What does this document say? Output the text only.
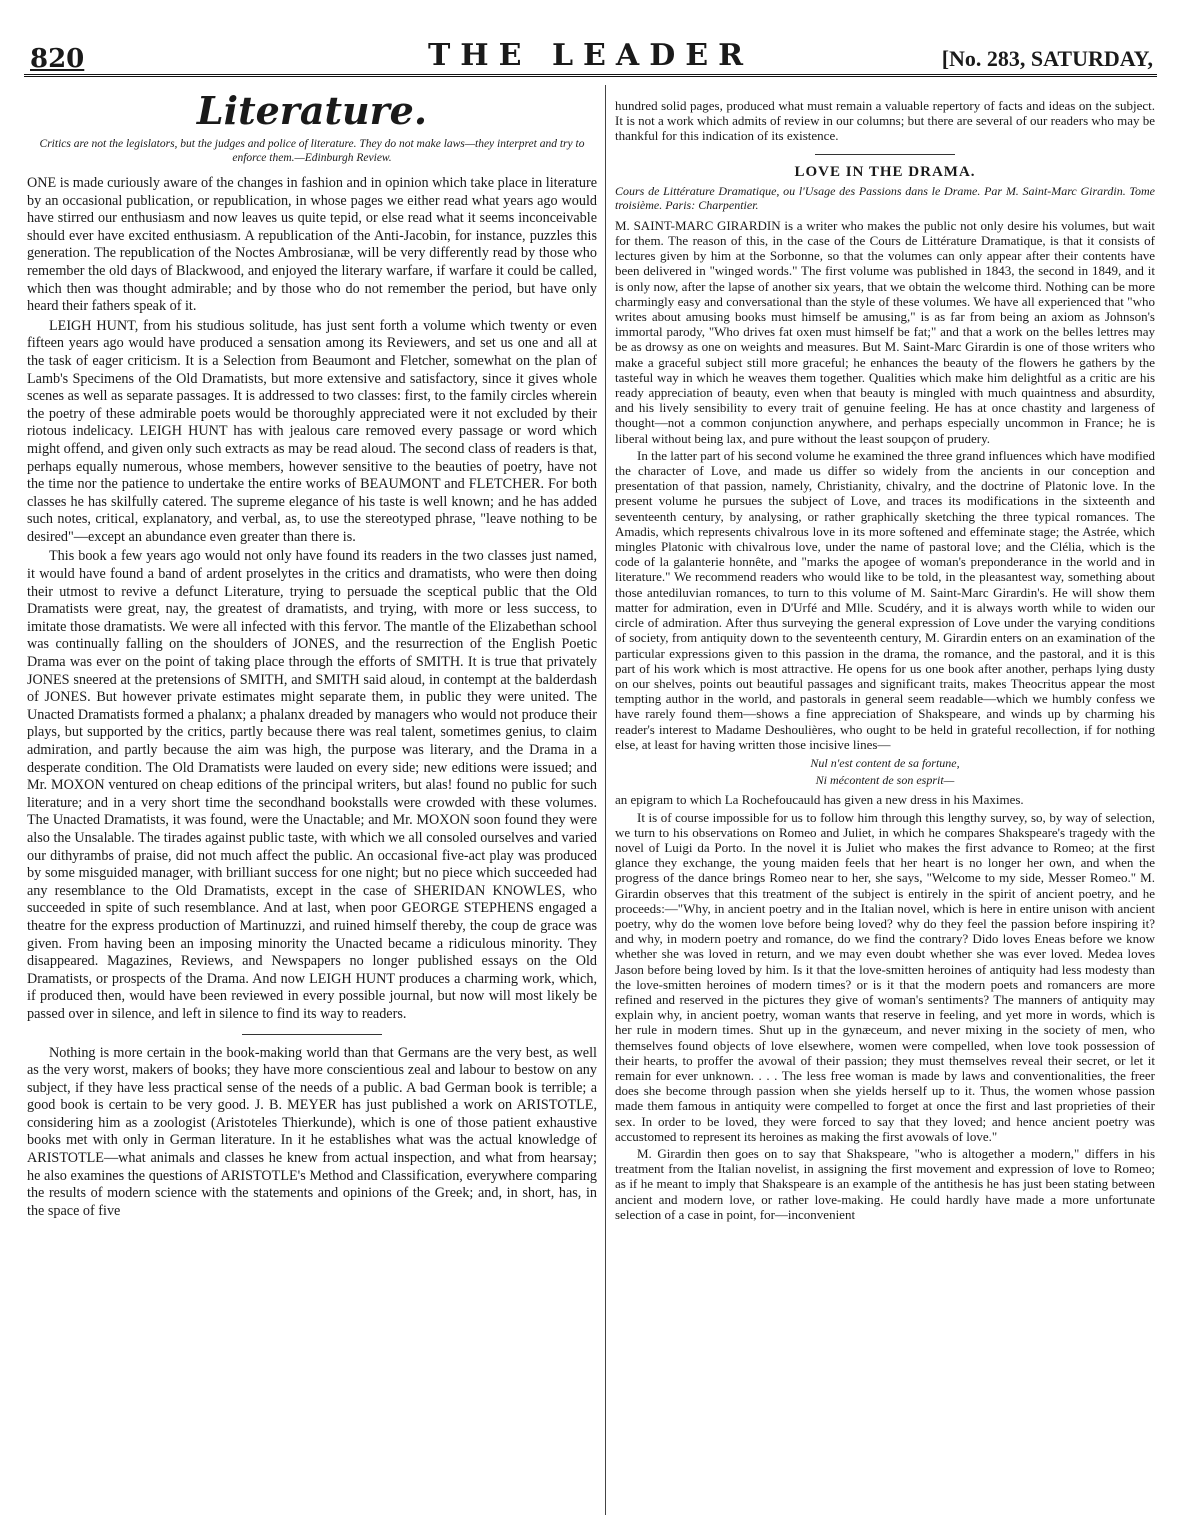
820	THE LEADER	[No. 283, SATURDAY,
Literature.
Critics are not the legislators, but the judges and police of literature. They do not make laws—they interpret and try to enforce them.—Edinburgh Review.

ONE is made curiously aware of the changes in fashion and in opinion which take place in literature by an occasional publication, or republication, in whose pages we either read what years ago would have stirred our enthusiasm and now leaves us quite tepid, or else read what it seems inconceivable should ever have excited enthusiasm. A republication of the Anti-Jacobin, for instance, puzzles this generation. The republication of the Noctes Ambrosianæ, will be very differently read by those who remember the old days of Blackwood, and enjoyed the literary warfare, if warfare it could be called, which then was thought admirable; and by those who do not remember the period, but have only heard their fathers speak of it.

LEIGH HUNT, from his studious solitude, has just sent forth a volume which twenty or even fifteen years ago would have produced a sensation among its Reviewers, and set us one and all at the task of eager criticism. It is a Selection from Beaumont and Fletcher, somewhat on the plan of Lamb's Specimens of the Old Dramatists, but more extensive and satisfactory, since it gives whole scenes as well as separate passages. It is addressed to two classes: first, to the family circles wherein the poetry of these admirable poets would be thoroughly appreciated were it not excluded by their riotous indelicacy. LEIGH HUNT has with jealous care removed every passage or word which might offend, and given only such extracts as may be read aloud. The second class of readers is that, perhaps equally numerous, whose members, however sensitive to the beauties of poetry, have not the time nor the patience to undertake the entire works of BEAUMONT and FLETCHER. For both classes he has skilfully catered. The supreme elegance of his taste is well known; and he has added such notes, critical, explanatory, and verbal, as, to use the stereotyped phrase, "leave nothing to be desired"—except an abundance even greater than there is.

This book a few years ago would not only have found its readers in the two classes just named, it would have found a band of ardent proselytes in the critics and dramatists, who were then doing their utmost to revive a defunct Literature, trying to persuade the sceptical public that the Old Dramatists were great, nay, the greatest of dramatists, and trying, with more or less success, to imitate those dramatists. We were all infected with this fervor. The mantle of the Elizabethan school was continually falling on the shoulders of JONES, and the resurrection of the English Poetic Drama was ever on the point of taking place through the efforts of SMITH. It is true that privately JONES sneered at the pretensions of SMITH, and SMITH said aloud, in contempt at the balderdash of JONES. But however private estimates might separate them, in public they were united. The Unacted Dramatists formed a phalanx; a phalanx dreaded by managers who would not produce their plays, but supported by the critics, partly because there was real talent, sometimes genius, to claim admiration, and partly because the aim was high, the purpose was literary, and the Drama in a desperate condition. The Old Dramatists were lauded on every side; new editions were issued; and Mr. MOXON ventured on cheap editions of the principal writers, but alas! found no public for such literature; and in a very short time the secondhand bookstalls were crowded with these volumes. The Unacted Dramatists, it was found, were the Unactable; and Mr. MOXON soon found they were also the Unsalable. The tirades against public taste, with which we all consoled ourselves and varied our dithyrambs of praise, did not much affect the public. An occasional five-act play was produced by some misguided manager, with brilliant success for one night; but no piece which succeeded had any resemblance to the Old Dramatists, except in the case of SHERIDAN KNOWLES, who succeeded in spite of such resemblance. And at last, when poor GEORGE STEPHENS engaged a theatre for the express production of Martinuzzi, and ruined himself thereby, the coup de grace was given. From having been an imposing minority the Unacted became a ridiculous minority. They disappeared. Magazines, Reviews, and Newspapers no longer published essays on the Old Dramatists, or prospects of the Drama. And now LEIGH HUNT produces a charming work, which, if produced then, would have been reviewed in every possible journal, but now will most likely be passed over in silence, and left in silence to find its way to readers.

Nothing is more certain in the book-making world than that Germans are the very best, as well as the very worst, makers of books; they have more conscientious zeal and labour to bestow on any subject, if they have less practical sense of the needs of a public. A bad German book is terrible; a good book is certain to be very good. J. B. MEYER has just published a work on ARISTOTLE, considering him as a zoologist (Aristoteles Thierkunde), which is one of those patient exhaustive books met with only in German literature. In it he establishes what was the actual knowledge of ARISTOTLE—what animals and classes he knew from actual inspection, and what from hearsay; he also examines the questions of ARISTOTLE's Method and Classification, everywhere comparing the results of modern science with the statements and opinions of the Greek; and, in short, has, in the space of five

hundred solid pages, produced what must remain a valuable repertory of facts and ideas on the subject. It is not a work which admits of review in our columns; but there are several of our readers who may be thankful for this indication of its existence.

LOVE IN THE DRAMA.
Cours de Littérature Dramatique, ou l'Usage des Passions dans le Drame. Par M. Saint-Marc Girardin. Tome troisième. Paris: Charpentier.

M. SAINT-MARC GIRARDIN is a writer who makes the public not only desire his volumes, but wait for them. The reason of this, in the case of the Cours de Littérature Dramatique, is that it consists of lectures given by him at the Sorbonne, so that the volumes can only appear after their contents have been delivered in "winged words." The first volume was published in 1843, the second in 1849, and it is only now, after the lapse of another six years, that we obtain the welcome third. Nothing can be more charmingly easy and conversational than the style of these volumes. We have all experienced that "who writes about amusing books must himself be amusing," is as far from being an axiom as Johnson's immortal parody, "Who drives fat oxen must himself be fat;" and that a work on the belles lettres may be as drowsy as one on weights and measures. But M. Saint-Marc Girardin is one of those writers who make a graceful subject still more graceful; he enhances the beauty of the flowers he gathers by the tasteful way in which he weaves them together. Qualities which make him delightful as a critic are his ready appreciation of beauty, even when that beauty is mingled with much quaintness and absurdity, and his lively sensibility to every trait of genuine feeling. He has at once chastity and largeness of thought—not a common conjunction anywhere, and perhaps especially uncommon in France; he is liberal without being lax, and pure without the least soupçon of prudery.

In the latter part of his second volume he examined the three grand influences which have modified the character of Love, and made us differ so widely from the ancients in our conception and presentation of that passion, namely, Christianity, chivalry, and the doctrine of Platonic love. In the present volume he pursues the subject of Love, and traces its modifications in the sixteenth and seventeenth century, by analysing, or rather graphically sketching the three typical romances. The Amadis, which represents chivalrous love in its more softened and effeminate stage; the Astrée, which mingles Platonic with chivalrous love, under the name of pastoral love; and the Clélia, which is the code of la galanterie honnête, and "marks the apogee of woman's preponderance in the world and in literature." We recommend readers who would like to be told, in the pleasantest way, something about those antediluvian romances, to turn to this volume of M. Saint-Marc Girardin's. He will show them matter for admiration, even in D'Urfé and Mlle. Scudéry, and it is always worth while to widen our circle of admiration. After thus surveying the general expression of Love under the varying conditions of society, from antiquity down to the seventeenth century, M. Girardin enters on an examination of the particular expressions given to this passion in the drama, the romance, and the pastoral, and it is this part of his work which is most attractive. He opens for us one book after another, perhaps lying dusty on our shelves, points out beautiful passages and significant traits, makes Theocritus appear the most tempting author in the world, and pastorals in general seem readable—which we humbly confess we have rarely found them—shows a fine appreciation of Shakspeare, and winds up by charming his reader's interest to Madame Deshoulières, who ought to be held in grateful recollection, if for nothing else, at least for having written those incisive lines—

Nul n'est content de sa fortune,
Ni mécontent de son esprit—

an epigram to which La Rochefoucauld has given a new dress in his Maximes.

It is of course impossible for us to follow him through this lengthy survey, so, by way of selection, we turn to his observations on Romeo and Juliet, in which he compares Shakspeare's tragedy with the novel of Luigi da Porto. In the novel it is Juliet who makes the first advance to Romeo; at the first glance they exchange, the young maiden feels that her heart is no longer her own, and when the progress of the dance brings Romeo near to her, she says, "Welcome to my side, Messer Romeo." M. Girardin observes that this treatment of the subject is entirely in the spirit of ancient poetry, and he proceeds:—"Why, in ancient poetry and in the Italian novel, which is here in entire unison with ancient poetry, why do the women love before being loved? why do they feel the passion before inspiring it? and why, in modern poetry and romance, do we find the contrary? Dido loves Eneas before we know whether she was loved in return, and we may even doubt whether she was ever loved. Medea loves Jason before being loved by him. Is it that the love-smitten heroines of antiquity had less modesty than the love-smitten heroines of modern times? or is it that the modern poets and romancers are more refined and reserved in the pictures they give of woman's sentiments? The manners of antiquity may explain why, in ancient poetry, woman wants that reserve in feeling, and yet more in words, which is her rule in modern times. Shut up in the gynæceum, and never mixing in the society of men, who themselves found objects of love elsewhere, women were compelled, when love took possession of their hearts, to proffer the avowal of their passion; they must themselves reveal their secret, or let it remain for ever unknown. . . . The less free woman is made by laws and conventionalities, the freer does she become through passion when she yields herself up to it. Thus, the women whose passion made them famous in antiquity were compelled to forget at once the first and last proprieties of their sex. In order to be loved, they were forced to say that they loved; and hence ancient poetry was accustomed to represent its heroines as making the first avowals of love."

M. Girardin then goes on to say that Shakspeare, "who is altogether a modern," differs in his treatment from the Italian novelist, in assigning the first movement and expression of love to Romeo; as if he meant to imply that Shakspeare is an example of the antithesis he has just been stating between ancient and modern love, or rather love-making. He could hardly have made a more unfortunate selection of a case in point, for—inconvenient
